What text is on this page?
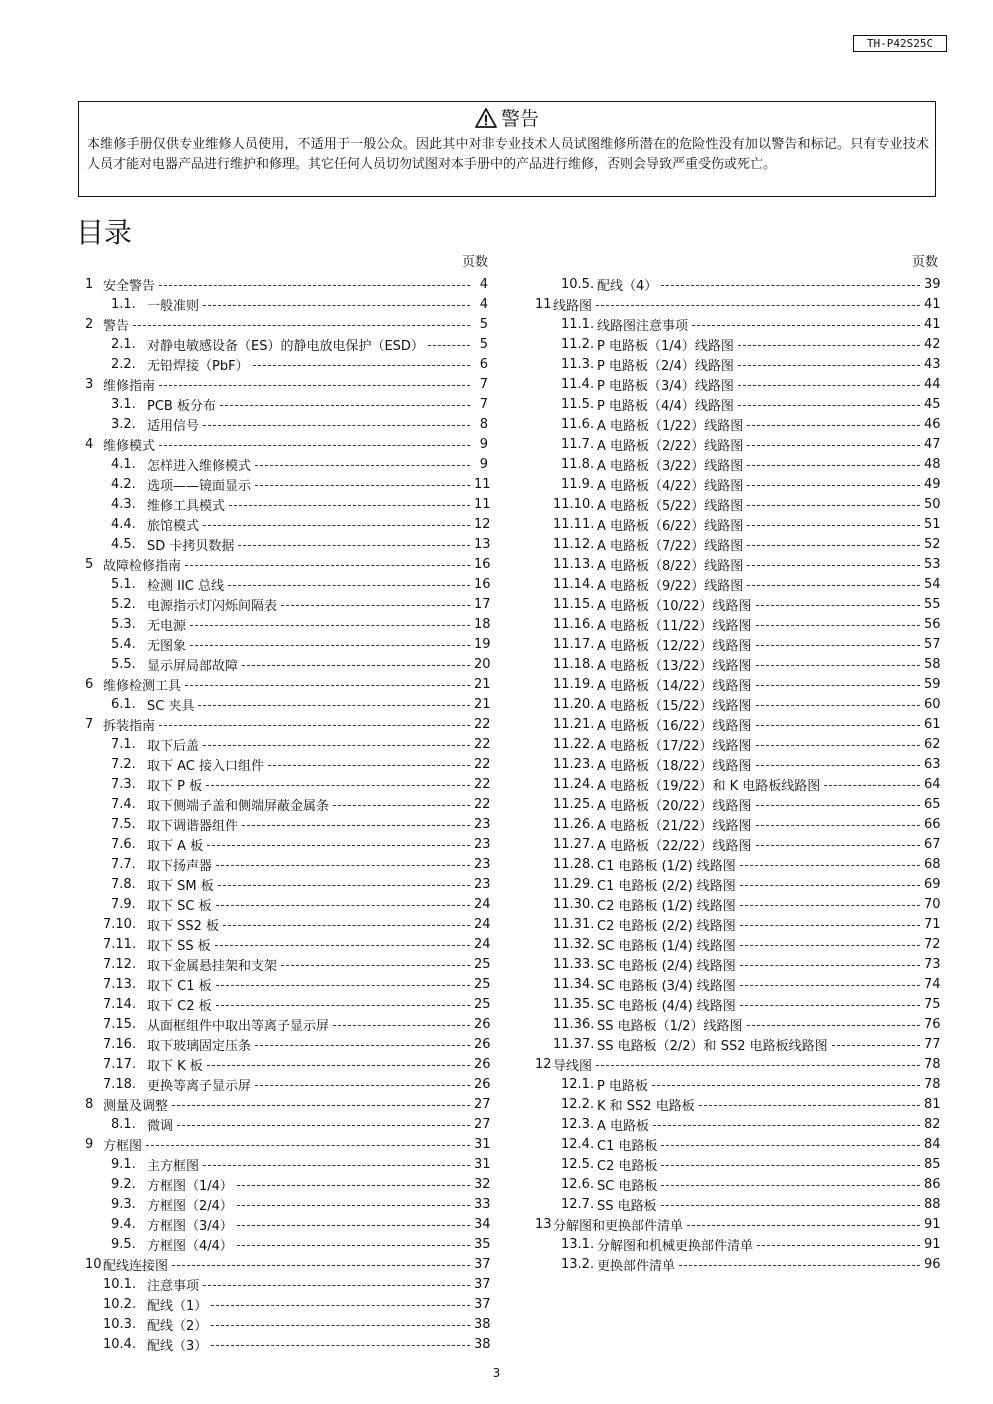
TH-P42S25C
警告
本维修手册仅供专业维修人员使用，不适用于一般公众。因此其中对非专业技术人员试图维修所潜在的危险性没有加以警告和标记。只有专业技术人员才能对电器产品进行维护和修理。其它任何人员切勿试图对本手册中的产品进行维修，否则会导致严重受伤或死亡。
目录
页数
1 安全警告	4
1.1. 一般准则	4
2 警告	5
2.1. 对静电敏感设备（ES）的静电放电保护（ESD）	5
2.2. 无铅焊接（PbF）	6
3 维修指南	7
3.1. PCB 板分布	7
3.2. 适用信号	8
4 维修模式	9
4.1. 怎样进入维修模式	9
4.2. 选项——镜面显示	11
4.3. 维修工具模式	11
4.4. 旅馆模式	12
4.5. SD 卡拷贝数据	13
5 故障检修指南	16
5.1. 检测 IIC 总线	16
5.2. 电源指示灯闪烁间隔表	17
5.3. 无电源	18
5.4. 无图象	19
5.5. 显示屏局部故障	20
6 维修检测工具	21
6.1. SC 夹具	21
7 拆装指南	22
7.1. 取下后盖	22
7.2. 取下 AC 接入口组件	22
7.3. 取下 P 板	22
7.4. 取下侧端子盖和侧端屏蔽金属条	22
7.5. 取下调谐器组件	23
7.6. 取下 A 板	23
7.7. 取下扬声器	23
7.8. 取下 SM 板	23
7.9. 取下 SC 板	24
7.10. 取下 SS2 板	24
7.11. 取下 SS 板	24
7.12. 取下金属悬挂架和支架	25
7.13. 取下 C1 板	25
7.14. 取下 C2 板	25
7.15. 从面框组件中取出等离子显示屏	26
7.16. 取下玻璃固定压条	26
7.17. 取下 K 板	26
7.18. 更换等离子显示屏	26
8 测量及调整	27
8.1. 微调	27
9 方框图	31
9.1. 主方框图	31
9.2. 方框图（1/4）	32
9.3. 方框图（2/4）	33
9.4. 方框图（3/4）	34
9.5. 方框图（4/4）	35
10 配线连接图	37
10.1. 注意事项	37
10.2. 配线（1）	37
10.3. 配线（2）	38
10.4. 配线（3）	38
页数
10.5. 配线（4）	39
11 线路图	41
11.1. 线路图注意事项	41
11.2. P 电路板（1/4）线路图	42
11.3. P 电路板（2/4）线路图	43
11.4. P 电路板（3/4）线路图	44
11.5. P 电路板（4/4）线路图	45
11.6. A 电路板（1/22）线路图	46
11.7. A 电路板（2/22）线路图	47
11.8. A 电路板（3/22）线路图	48
11.9. A 电路板（4/22）线路图	49
11.10. A 电路板（5/22）线路图	50
11.11. A 电路板（6/22）线路图	51
11.12. A 电路板（7/22）线路图	52
11.13. A 电路板（8/22）线路图	53
11.14. A 电路板（9/22）线路图	54
11.15. A 电路板（10/22）线路图	55
11.16. A 电路板（11/22）线路图	56
11.17. A 电路板（12/22）线路图	57
11.18. A 电路板（13/22）线路图	58
11.19. A 电路板（14/22）线路图	59
11.20. A 电路板（15/22）线路图	60
11.21. A 电路板（16/22）线路图	61
11.22. A 电路板（17/22）线路图	62
11.23. A 电路板（18/22）线路图	63
11.24. A 电路板（19/22）和 K 电路板线路图	64
11.25. A 电路板（20/22）线路图	65
11.26. A 电路板（21/22）线路图	66
11.27. A 电路板（22/22）线路图	67
11.28. C1 电路板 (1/2) 线路图	68
11.29. C1 电路板 (2/2) 线路图	69
11.30. C2 电路板 (1/2) 线路图	70
11.31. C2 电路板 (2/2) 线路图	71
11.32. SC 电路板 (1/4) 线路图	72
11.33. SC 电路板 (2/4) 线路图	73
11.34. SC 电路板 (3/4) 线路图	74
11.35. SC 电路板 (4/4) 线路图	75
11.36. SS 电路板（1/2）线路图	76
11.37. SS 电路板（2/2）和 SS2 电路板线路图	77
12 导线图	78
12.1. P 电路板	78
12.2. K 和 SS2 电路板	81
12.3. A 电路板	82
12.4. C1 电路板	84
12.5. C2 电路板	85
12.6. SC 电路板	86
12.7. SS 电路板	88
13 分解图和更换部件清单	91
13.1. 分解图和机械更换部件清单	91
13.2. 更换部件清单	96
3
